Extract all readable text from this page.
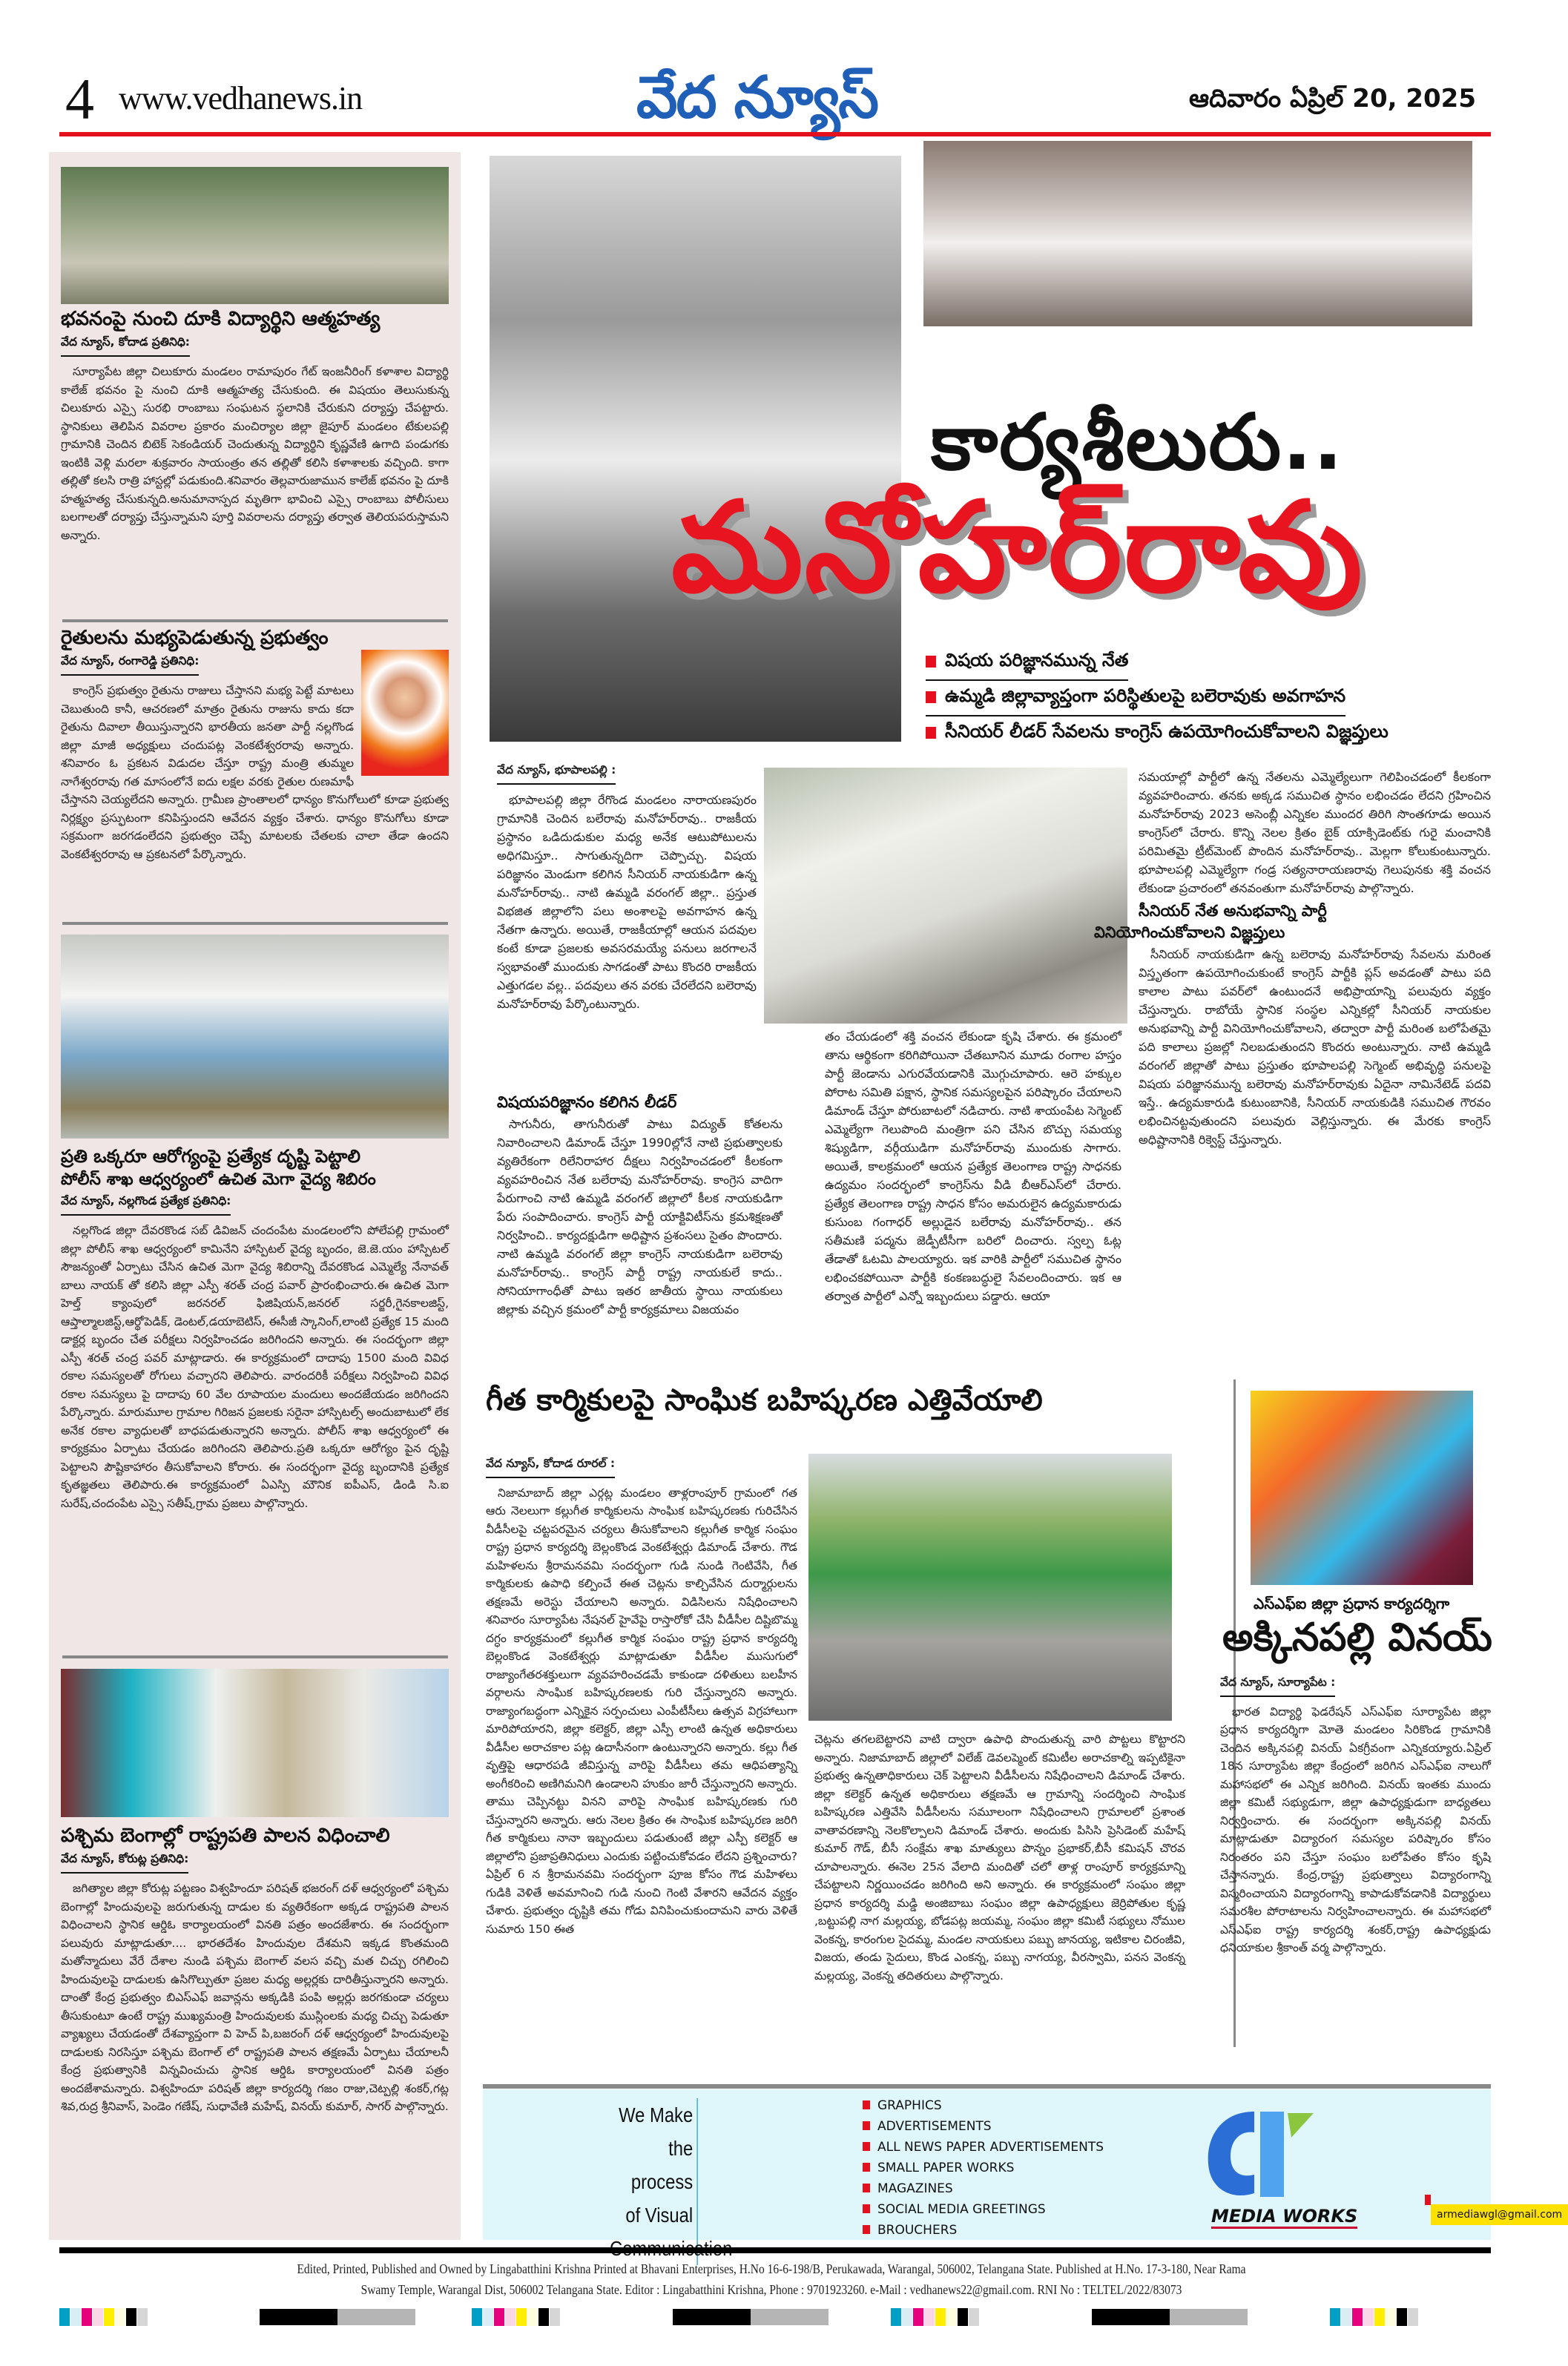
4 www.vedhanews.in	వేద న్యూస్	ఆదివారం ఏప్రిల్ 20, 2025
భవనంపై నుంచి దూకి విద్యార్థిని ఆత్మహత్య
వేద న్యూస్, కోదాడ ప్రతినిధి:

సూర్యాపేట జిల్లా చిలుకూరు మండలం రామాపురం గేట్ ఇంజనీరింగ్ కళాశాల విద్యార్థి కాలేజ్ భవనం పై నుంచి దూకి ఆత్మహత్య చేసుకుంది. ఈ విషయం తెలుసుకున్న చిలుకూరు ఎస్సై సురభి రాంబాబు సంఘటన స్థలానికి చేరుకుని దర్యాప్తు చేపట్టారు. స్థానికులు తెలిపిన వివరాల ప్రకారం మంచిర్యాల జిల్లా జైపూర్ మండలం టేకులపల్లి గ్రామానికి చెందిన బిటెక్ సెకండియర్ చెందుతున్న విద్యార్థిని కృష్ణవేణి ఉగాది పండుగకు ఇంటికి వెళ్లి మరలా శుక్రవారం సాయంత్రం తన తల్లితో కలిసి కళాశాలకు వచ్చింది. కాగా తల్లితో కలసి రాత్రి హాస్టల్లో పడుకుంది.శనివారం తెల్లవారుజామున కాలేజ్ భవనం పై దూకి హత్మహత్య చేసుకున్నది.అనుమానాస్పద మృతిగా భావించి ఎస్సై రాంబాబు పోలీసులు బలగాలతో దర్యాప్తు చేస్తున్నామని పూర్తి వివరాలను దర్యాప్తు తర్వాత తెలియపరుస్తామని అన్నారు.

రైతులను మభ్యపెడుతున్న ప్రభుత్వం
వేద న్యూస్, రంగారెడ్డి ప్రతినిధి:

కాంగ్రెస్ ప్రభుత్వం రైతును రాజులు చేస్తానని మభ్య పెట్టే మాటలు చెబుతుంది కానీ, ఆచరణలో మాత్రం రైతును రాజును కాదు కదా రైతును దివాలా తీయిస్తున్నారని భారతీయ జనతా పార్టీ నల్లగొండ జిల్లా మాజీ అధ్యక్షులు చందుపట్ల వెంకటేశ్వరరావు అన్నారు. శనివారం ఓ ప్రకటన విడుదల చేస్తూ రాష్ట్ర మంత్రి తుమ్మల నాగేశ్వరరావు గత మాసంలోనే ఐదు లక్షల వరకు రైతుల రుణమాఫీ చేస్తానని చెయ్యలేదని అన్నారు. గ్రామీణ ప్రాంతాలలో ధాన్యం కొనుగోలులో కూడా ప్రభుత్వ నిర్లక్ష్యం ప్రస్ఫుటంగా కనిపిస్తుందని ఆవేదన వ్యక్తం చేశారు. ధాన్యం కొనుగోలు కూడా సక్రమంగా జరగడంలేదని ప్రభుత్వం చెప్పే మాటలకు చేతలకు చాలా తేడా ఉందని వెంకటేశ్వరరావు ఆ ప్రకటనలో పేర్కొన్నారు.

ప్రతి ఒక్కరూ ఆరోగ్యంపై ప్రత్యేక దృష్టి పెట్టాలి
పోలీస్ శాఖ ఆధ్వర్యంలో ఉచిత మెగా వైద్య శిబిరం
వేద న్యూస్, నల్లగొండ ప్రత్యేక ప్రతినిధి:

నల్లగొండ జిల్లా దేవరకొండ సబ్ డివిజన్ చందంపేట మండలంలోని పోలేపల్లి గ్రామంలో జిల్లా పోలీస్ శాఖ ఆధ్వర్యంలో కామినేని హాస్పిటల్ వైద్య బృందం, జె.జె.యం హాస్పిటల్ సౌజన్యంతో ఏర్పాటు చేసిన ఉచిత మెగా వైద్య శిబిరాన్ని దేవరకొండ ఎమ్మెల్యే నేనావత్ బాలు నాయక్ తో కలిసి జిల్లా ఎస్పీ శరత్ చంద్ర పవార్ ప్రారంభించారు.ఈ ఉచిత మెగా హెల్త్ క్యాంపులో జరనరల్ ఫిజిషియన్,జనరల్ సర్జరీ,గైనకాలజిస్ట్, ఆప్తాల్మాలజిస్ట్,ఆర్థోపెడిక్, డెంటల్,డయాబెటిస్, ఈసీజీ స్కానింగ్,లాంటి ప్రత్యేక 15 మంది డాక్టర్ల బృందం చేత పరీక్షలు నిర్వహించడం జరిగిందని అన్నారు. ఈ సందర్భంగా జిల్లా ఎస్పీ శరత్ చంద్ర పవర్ మాట్లాడారు. ఈ కార్యక్రమంలో దాదాపు 1500 మంది వివిధ రకాల సమస్యలతో రోగులు వచ్చారని తెలిపారు. వారందరికీ పరీక్షలు నిర్వహించి వివిధ రకాల సమస్యలు పై దాదాపు 60 వేల రూపాయల మందులు అందజేయడం జరిగిందని పేర్కొన్నారు. మారుమూల గ్రామాల గిరిజన ప్రజలకు సరైనా హాస్పిటల్స్ అందుబాటులో లేక అనేక రకాల వ్యాధులతో బాధపడుతున్నారని అన్నారు. పోలీస్ శాఖ ఆధ్వర్యంలో ఈ కార్యక్రమం ఏర్పాటు చేయడం జరిగిందని తెలిపారు.ప్రతి ఒక్కరూ ఆరోగ్యం పైన దృష్టి పెట్టాలని పౌష్టికాహారం తీసుకోవాలని కోరారు. ఈ సందర్భంగా వైద్య బృందానికి ప్రత్యేక కృతజ్ఞతలు తెలిపారు.ఈ కార్యక్రమంలో ఏఎస్పి మౌనిక ఐపీఎస్, డిండి సి.ఐ సురేష్,చందంపేట ఎస్సై సతీష్,గ్రామ ప్రజలు పాల్గొన్నారు.

పశ్చిమ బెంగాల్లో రాష్ట్రపతి పాలన విధించాలి
వేద న్యూస్, కోరుట్ల ప్రతినిధి:

జగిత్యాల జిల్లా కోరుట్ల పట్టణం విశ్వహిందూ పరిషత్ భజరంగ్ దళ్ ఆధ్వర్యంలో పశ్చిమ బెంగాల్లో హిందువులపై జరుగుతున్న దాడుల కు వ్యతిరేకంగా అక్కడ రాష్ట్రపతి పాలన విధించాలని స్థానిక ఆర్డిఓ కార్యాలయంలో వినతి పత్రం అందజేశారు. ఈ సందర్భంగా పలువురు మాట్లాడుతూ.... భారతదేశం హిందువుల దేశమని ఇక్కడ కొంతమంది మతోన్మాదులు వేరే దేశాల నుండి పశ్చిమ బెంగాల్ వలస వచ్చి మత చిచ్చు రగిలించి హిందువులపై దాడులకు ఉసిగొల్పుతూ ప్రజల మధ్య అల్లర్లకు దారితీస్తున్నారని అన్నారు. దాంతో కేంద్ర ప్రభుత్వం బిఎస్ఎఫ్ జవాన్లను అక్కడికి పంపి అల్లర్లు జరగకుండా చర్యలు తీసుకుంటూ ఉంటే రాష్ట్ర ముఖ్యమంత్రి హిందువులకు ముస్లింలకు మధ్య చిచ్చు పెడుతూ వ్యాఖ్యలు చేయడంతో దేశవ్యాప్తంగా వి హెచ్ పి,బజరంగ్ దళ్ ఆధ్వర్యంలో హిందువులపై దాడులకు నిరసిస్తూ పశ్చిమ బెంగాల్ లో రాష్ట్రపతి పాలన తక్షణమే ఏర్పాటు చేయాలనీ కేంద్ర ప్రభుత్వానికి విన్నవించుచు స్థానిక ఆర్డిఓ కార్యాలయంలో వినతి పత్రం అందజేశామన్నారు. విశ్వహిందూ పరిషత్ జిల్లా కార్యదర్శి గజం రాజు,చెట్పల్లి శంకర్,గట్ల శివ,రుద్ర శ్రీనివాస్, పెండెం గణేష్, సుధావేణి మహేష్, వినయ్ కుమార్, సాగర్ పాల్గొన్నారు.

కార్యశీలురు..
మనోహర్‌రావు
విషయ పరిజ్ఞానమున్న నేత
ఉమ్మడి జిల్లావ్యాప్తంగా పరిస్థితులపై బలెరావుకు అవగాహన
సీనియర్ లీడర్ సేవలను కాంగ్రెస్ ఉపయోగించుకోవాలని విజ్ఞప్తులు
వేద న్యూస్, భూపాలపల్లి :

భూపాలపల్లి జిల్లా రేగొండ మండలం నారాయణపురం గ్రామానికి చెందిన బలేరావు మనోహర్‌రావు.. రాజకీయ ప్రస్థానం ఒడిదుడుకుల మధ్య అనేక ఆటుపోటులను అధిగమిస్తూ.. సాగుతున్నదిగా చెప్పొచ్చు. విషయ పరిజ్ఞానం మెండుగా కలిగిన సీనియర్ నాయకుడిగా ఉన్న మనోహర్‌రావు.. నాటి ఉమ్మడి వరంగల్ జిల్లా.. ప్రస్తుత విభజిత జిల్లాలోని పలు అంశాలపై అవగాహన ఉన్న నేతగా ఉన్నారు. అయితే, రాజకీయాల్లో ఆయన పదవుల కంటే కూడా ప్రజలకు అవసరమయ్యే పనులు జరగాలనే స్వభావంతో ముందుకు సాగడంతో పాటు కొందరి రాజకీయ ఎత్తుగడల వల్ల.. పదవులు తన వరకు చేరలేదని బలెరావు మనోహర్‌రావు పేర్కొంటున్నారు.

విషయపరిజ్ఞానం కలిగిన లీడర్

సాగునీరు, తాగునీరుతో పాటు విద్యుత్ కోతలను నివారించాలని డిమాండ్ చేస్తూ 1990ల్లోనే నాటి ప్రభుత్వాలకు వ్యతిరేకంగా రిలేనిరాహార దీక్షలు నిర్వహించడంలో కీలకంగా వ్యవహరించిన నేత బలేరావు మనోహర్‌రావు. కాంగ్రెస వాదిగా పేరుగాంచి నాటి ఉమ్మడి వరంగల్ జిల్లాలో కీలక నాయకుడిగా పేరు సంపాదించారు. కాంగ్రెస్ పార్టీ యాక్టివిటీస్‌ను క్రమశిక్షణతో నిర్వహించి.. కార్యదక్షుడిగా అధిష్టాన ప్రశంసలు సైతం పొందారు. నాటి ఉమ్మడి వరంగల్ జిల్లా కాంగ్రెస్ నాయకుడిగా బలెరావు మనోహర్‌రావు.. కాంగ్రెస్ పార్టీ రాష్ట్ర నాయకులే కాదు.. సోనియాగాంధీతో పాటు ఇతర జాతీయ స్థాయి నాయకులు జిల్లాకు వచ్చిన క్రమంలో పార్టీ కార్యక్రమాలు విజయవం

తం చేయడంలో శక్తి వంచన లేకుండా కృషి చేశారు. ఈ క్రమంలో తాను ఆర్థికంగా కరిగిపోయినా చేతబూనిన మూడు రంగాల హస్తం పార్టీ జెండాను ఎగురవేయడానికి మొగ్గుచూపారు. ఆరె హక్కుల పోరాట సమితి పక్షాన, స్థానిక సమస్యలపైన పరిష్కారం చేయాలని డిమాండ్ చేస్తూ పోరుబాటలో నడిచారు. నాటి శాయంపేట సెగ్మెంట్ ఎమ్మెల్యేగా గెలుపొంది మంత్రిగా పని చేసిన బొచ్చు సమయ్య శిష్యుడిగా, వర్గీయుడిగా మనోహర్‌రావు ముందుకు సాగారు. అయితే, కాలక్రమంలో ఆయన ప్రత్యేక తెలంగాణ రాష్ట్ర సాధనకు ఉద్యమం సందర్భంలో కాంగ్రెస్‌ను వీడి బీఆర్ఎస్‌లో చేరారు. ప్రత్యేక తెలంగాణ రాష్ట్ర సాధన కోసం అమరులైన ఉద్యమకారుడు కుసుంబ గంగాధర్ అల్లుడైన బలేరావు మనోహర్‌రావు.. తన సతీమణి పద్మను జెడ్పీటీసీగా బరిలో దించారు. స్వల్ప ఓట్ల తేడాతో ఓటమి పాలయ్యారు. ఇక వారికి పార్టీలో సముచిత స్థానం లభించకపోయినా పార్టీకి కంకణబద్ధులై సేవలందించారు. ఇక ఆ తర్వాత పార్టీలో ఎన్నో ఇబ్బందులు పడ్డారు. ఆయా

సమయాల్లో పార్టీలో ఉన్న నేతలను ఎమ్మెల్యేలుగా గెలిపించడంలో కీలకంగా వ్యవహరించారు. తనకు అక్కడ సముచిత స్థానం లభించడం లేదని గ్రహించిన మనోహర్‌రావు 2023 అసెంబ్లీ ఎన్నికల ముందర తిరిగి సొంతగూడు అయిన కాంగ్రెస్‌లో చేరారు. కొన్ని నెలల క్రితం బైక్ యాక్సిడెంట్‌కు గురై మంచానికి పరిమితమై ట్రీట్‌మెంట్ పొందిన మనోహర్‌రావు.. మెల్లగా కోలుకుంటున్నారు. భూపాలపల్లి ఎమ్మెల్యేగా గండ్ర సత్యనారాయణరావు గెలుపునకు శక్తి వంచన లేకుండా ప్రచారంలో తనవంతుగా మనోహర్‌రావు పాల్గొన్నారు.

సీనియర్ నేత అనుభవాన్ని పార్టీ
వినియోగించుకోవాలని విజ్ఞప్తులు

సీనియర్ నాయకుడిగా ఉన్న బలెరావు మనోహర్‌రావు సేవలను మరింత విస్తృతంగా ఉపయోగించుకుంటే కాంగ్రెస్ పార్టీకి ప్లస్ అవడంతో పాటు పది కాలాల పాటు పవర్‌లో ఉంటుందనే అభిప్రాయాన్ని పలువురు వ్యక్తం చేస్తున్నారు. రాబోయే స్థానిక సంస్థల ఎన్నికల్లో సీనియర్ నాయకుల అనుభవాన్ని పార్టీ వినియోగించుకోవాలని, తద్వారా పార్టీ మరింత బలోపేతమై పది కాలాలు ప్రజల్లో నిలబడుతుందని కొందరు అంటున్నారు. నాటి ఉమ్మడి వరంగల్ జిల్లాతో పాటు ప్రస్తుతం భూపాలపల్లి సెగ్మెంట్ అభివృద్ధి పనులపై విషయ పరిజ్ఞానమున్న బలెరావు మనోహర్‌రావుకు ఏదైనా నామినేటెడ్ పదవి ఇస్తే.. ఉద్యమకారుడి కుటుంబానికి, సీనియర్ నాయకుడికి సముచిత గౌరవం లభించినట్టవుతుందని పలువురు వెల్లిస్తున్నారు. ఈ మేరకు కాంగ్రెస్ అధిష్టానానికి రిక్వెస్ట్ చేస్తున్నారు.

గీత కార్మికులపై సాంఘిక బహిష్కరణ ఎత్తివేయాలి
వేద న్యూస్, కోదాడ రూరల్ :

నిజామాబాద్ జిల్లా ఎర్గట్ల మండలం తాళ్లరాంపూర్ గ్రామంలో గత ఆరు నెలలుగా కల్లుగీత కార్మికులను సాంఘిక బహిష్కరణకు గురిచేసిన వీడీసీలపై చట్టపరమైన చర్యలు తీసుకోవాలని కల్లుగీత కార్మిక సంఘం రాష్ట్ర ప్రధాన కార్యదర్శి బెల్లంకొండ వెంకటేశ్వర్లు డిమాండ్ చేశారు. గౌడ మహిళలను శ్రీరామనవమి సందర్భంగా గుడి నుండి గెంటివేసి, గీత కార్మికులకు ఉపాధి కల్పించే ఈత చెట్లను కాల్చివేసిన దుర్మార్గులను తక్షణమే అరెస్టు చేయాలని అన్నారు. విడిసిలను నిషేధించాలని శనివారం సూర్యాపేట నేషనల్ హైవేపై రాస్తారోకో చేసి వీడీసీల దిష్టిబొమ్మ దగ్ధం కార్యక్రమంలో కల్లుగీత కార్మిక సంఘం రాష్ట్ర ప్రధాన కార్యదర్శి బెల్లంకొండ వెంకటేశ్వర్లు మాట్లాడుతూ వీడీసీల ముసుగులో రాజ్యాంగేతరశక్తులుగా వ్యవహరించడమే కాకుండా దళితులు బలహీన వర్గాలను సాంఘిక బహిష్కరణలకు గురి చేస్తున్నారని అన్నారు. రాజ్యాంగబద్ధంగా ఎన్నికైన సర్పంచులు ఎంపీటీసీలు ఉత్సవ విగ్రహాలుగా మారిపోయారని, జిల్లా కలెక్టర్, జిల్లా ఎస్పీ లాంటి ఉన్నత అధికారులు వీడీసీల అరాచకాల పట్ల ఉదాసీనంగా ఉంటున్నారని అన్నారు. కల్లు గీత వృత్తిపై ఆధారపడి జీవిస్తున్న వారిపై వీడీసీలు తమ ఆధిపత్యాన్ని అంగీకరించి అణిగిమనిగి ఉండాలని హుకుం జారీ చేస్తున్నారని అన్నారు. తాము చెప్పినట్టు వినని వారిపై సాంఘిక బహిష్కరణకు గురి చేస్తున్నారని అన్నారు. ఆరు నెలల క్రితం ఈ సాంఘిక బహిష్కరణ జరిగి గీత కార్మికులు నానా ఇబ్బందులు పడుతుంటే జిల్లా ఎస్పీ కలెక్టర్ ఆ జిల్లాలోని ప్రజాప్రతినిధులు ఎందుకు పట్టించుకోవడం లేదని ప్రశ్నించారు? ఏప్రిల్ 6 న శ్రీరామనవమి సందర్భంగా పూజ కోసం గౌడ మహిళలు గుడికి వెళితే అవమానించి గుడి నుంచి గెంటి వేశారని ఆవేదన వ్యక్తం చేశారు. ప్రభుత్వం దృష్టికి తమ గోడు వినిపించుకుందామని వారు వెళితే సుమారు 150 ఈత

చెట్లను తగలబెట్టారని వాటి ద్వారా ఉపాధి పొందుతున్న వారి పొట్టలు కొట్టారని అన్నారు. నిజామాబాద్ జిల్లాలో విలేజ్ డెవలప్మెంట్ కమిటీల అరాచకాల్ని ఇప్పటికైనా ప్రభుత్వ ఉన్నతాధికారులు చెక్ పెట్టాలని వీడీసీలను నిషేధించాలని డిమాండ్ చేశారు. జిల్లా కలెక్టర్ ఉన్నత అధికారులు తక్షణమే ఆ గ్రామాన్ని సందర్శించి సాంఘిక బహిష్కరణ ఎత్తివేసి వీడీసీలను సమూలంగా నిషేధించాలని గ్రామాలలో ప్రశాంత వాతావరణాన్ని నెలకొల్పాలని డిమాండ్ చేశారు. అందుకు పిసిసి ప్రెసిడెంట్ మహేష్ కుమార్ గౌడ్, బీసీ సంక్షేమ శాఖ మాత్యులు పొన్నం ప్రభాకర్,బీసీ కమిషన్ చొరవ చూపాలన్నారు. ఈనెల 25న వేలాది మందితో చలో తాళ్ల రాంపూర్ కార్యక్రమాన్ని చేపట్టాలని నిర్ణయించడం జరిగింది అని అన్నారు. ఈ కార్యక్రమంలో సంఘం జిల్లా ప్రధాన కార్యదర్శి మడ్డి అంజిబాబు సంఘం జిల్లా ఉపాధ్యక్షులు జెర్రిపోతుల కృష్ణ ,బట్టుపల్లి నాగ మల్లయ్య, బోడపట్ల జయమ్మ, సంఘం జిల్లా కమిటీ సభ్యులు నోముల వెంకన్న, కారంగుల సైదమ్మ, మండల నాయకులు పబ్బు జానయ్య, ఇటికాల చిరంజీవి, విజయ, తండు సైదులు, కొండ ఎంకన్న, పబ్బు నాగయ్య, వీరస్వామి, పనస వెంకన్న మల్లయ్య, వెంకన్న తదితరులు పాల్గొన్నారు.

ఎస్ఎఫ్ఐ జిల్లా ప్రధాన కార్యదర్శిగా
అక్కినపల్లి వినయ్
వేద న్యూస్, సూర్యాపేట :

భారత విద్యార్థి ఫెడరేషన్ ఎస్ఎఫ్ఐ సూర్యాపేట జిల్లా ప్రధాన కార్యదర్శిగా మోతె మండలం సిరికొండ గ్రామానికి చెందిన అక్కినపల్లి వినయ్ ఏకగ్రీవంగా ఎన్నికయ్యారు.ఏప్రిల్ 18న సూర్యాపేట జిల్లా కేంద్రంలో జరిగిన ఎస్ఎఫ్ఐ నాలుగో మహాసభలో ఈ ఎన్నిక జరిగింది. వినయ్ ఇంతకు ముందు జిల్లా కమిటీ సభ్యుడుగా, జిల్లా ఉపాధ్యక్షుడుగా బాధ్యతలు నిర్వర్తించారు. ఈ సందర్భంగా అక్కినపల్లి వినయ్ మాట్లాడుతూ విద్యారంగ సమస్యల పరిష్కారం కోసం నిరంతరం పని చేస్తూ సంఘం బలోపేతం కోసం కృషి చేస్తానన్నారు. కేంద్ర,రాష్ట్ర ప్రభుత్వాలు విద్యారంగాన్ని విస్మరించాయని విద్యారంగాన్ని కాపాడుకోవడానికి విద్యార్థులు సమరశీల పోరాటాలను నిర్వహించాలన్నారు. ఈ మహాసభలో ఎస్ఎఫ్ఐ రాష్ట్ర కార్యదర్శి శంకర్,రాష్ట్ర ఉపాధ్యక్షుడు ధనియాకుల శ్రీకాంత్ వర్మ పాల్గొన్నారు.

We Make
the process
of Visual
GRAPHICS
ADVERTISEMENTS
ALL NEWS PAPER ADVERTISEMENTS
SMALL PAPER WORKS
MAGAZINES
SOCIAL MEDIA GREETINGS
BROUCHERS
MEDIA WORKS	armediawgl@gmail.com
Edited, Printed, Published and Owned by Lingabatthini Krishna Printed at Bhavani Enterprises, H.No 16-6-198/B, Perukawada, Warangal, 506002, Telangana State. Published at H.No. 17-3-180, Near Rama
Swamy Temple, Warangal Dist, 506002 Telangana State. Editor : Lingabatthini Krishna, Phone : 9701923260. e-Mail : vedhanews22@gmail.com. RNI No : TELTEL/2022/83073
